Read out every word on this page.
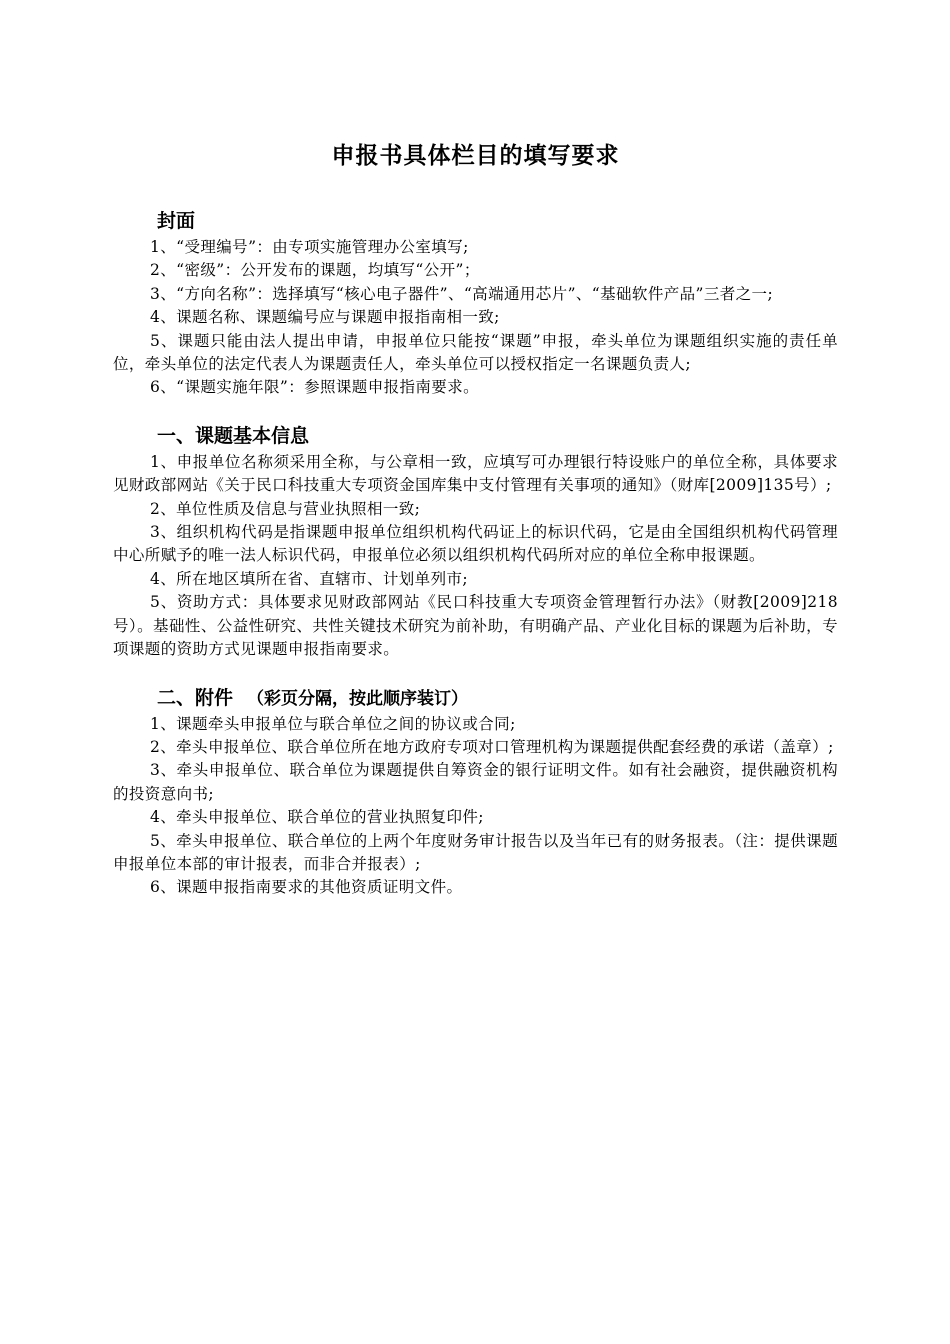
申报书具体栏目的填写要求
封面

1、“受理编号”：由专项实施管理办公室填写;

2、“密级”：公开发布的课题，均填写“公开”；

3、“方向名称”：选择填写“核心电子器件”、“高端通用芯片”、“基础软件产品”三者之一;

4、课题名称、课题编号应与课题申报指南相一致;

5、课题只能由法人提出申请，申报单位只能按“课题”申报，牵头单位为课题组织实施的责任单位，牵头单位的法定代表人为课题责任人，牵头单位可以授权指定一名课题负责人;

6、“课题实施年限”：参照课题申报指南要求。

一、课题基本信息

1、申报单位名称须采用全称，与公章相一致，应填写可办理银行特设账户的单位全称，具体要求见财政部网站《关于民口科技重大专项资金国库集中支付管理有关事项的通知》（财库[2009]135号）;

2、单位性质及信息与营业执照相一致;

3、组织机构代码是指课题申报单位组织机构代码证上的标识代码，它是由全国组织机构代码管理中心所赋予的唯一法人标识代码，申报单位必须以组织机构代码所对应的单位全称申报课题。

4、所在地区填所在省、直辖市、计划单列市;

5、资助方式：具体要求见财政部网站《民口科技重大专项资金管理暂行办法》（财教[2009]218号）。基础性、公益性研究、共性关键技术研究为前补助，有明确产品、产业化目标的课题为后补助，专项课题的资助方式见课题申报指南要求。

二、附件 （彩页分隔，按此顺序装订）

1、课题牵头申报单位与联合单位之间的协议或合同;

2、牵头申报单位、联合单位所在地方政府专项对口管理机构为课题提供配套经费的承诺（盖章）;

3、牵头申报单位、联合单位为课题提供自筹资金的银行证明文件。如有社会融资，提供融资机构的投资意向书;

4、牵头申报单位、联合单位的营业执照复印件;

5、牵头申报单位、联合单位的上两个年度财务审计报告以及当年已有的财务报表。（注：提供课题申报单位本部的审计报表，而非合并报表）;

6、课题申报指南要求的其他资质证明文件。
